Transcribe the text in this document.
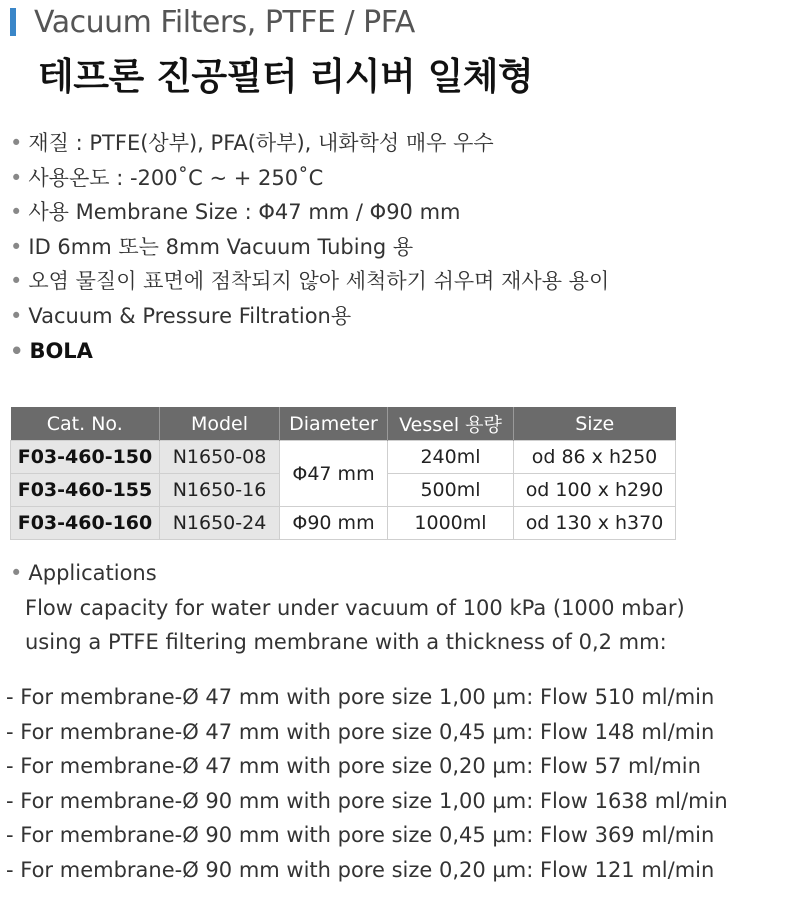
Vacuum Filters, PTFE / PFA
테프론 진공필터 리시버 일체형
• 재질 : PTFE(상부), PFA(하부), 내화학성 매우 우수
• 사용온도 : -200˚C ~ + 250˚C
• 사용 Membrane Size : Φ47 mm / Φ90 mm
• ID 6mm 또는 8mm Vacuum Tubing 용
• 오염 물질이 표면에 점착되지 않아 세척하기 쉬우며 재사용 용이
• Vacuum & Pressure Filtration용
• BOLA
Cat. No.	Model	Diameter	Vessel 용량	Size
F03-460-150	N1650-08	Φ47 mm	240ml	od 86 x h250
F03-460-155	N1650-16		500ml	od 100 x h290
F03-460-160	N1650-24	Φ90 mm	1000ml	od 130 x h370
• Applications
Flow capacity for water under vacuum of 100 kPa (1000 mbar)
using a PTFE filtering membrane with a thickness of 0,2 mm:
- For membrane-Ø 47 mm with pore size 1,00 µm: Flow 510 ml/min
- For membrane-Ø 47 mm with pore size 0,45 µm: Flow 148 ml/min
- For membrane-Ø 47 mm with pore size 0,20 µm: Flow 57 ml/min
- For membrane-Ø 90 mm with pore size 1,00 µm: Flow 1638 ml/min
- For membrane-Ø 90 mm with pore size 0,45 µm: Flow 369 ml/min
- For membrane-Ø 90 mm with pore size 0,20 µm: Flow 121 ml/min
